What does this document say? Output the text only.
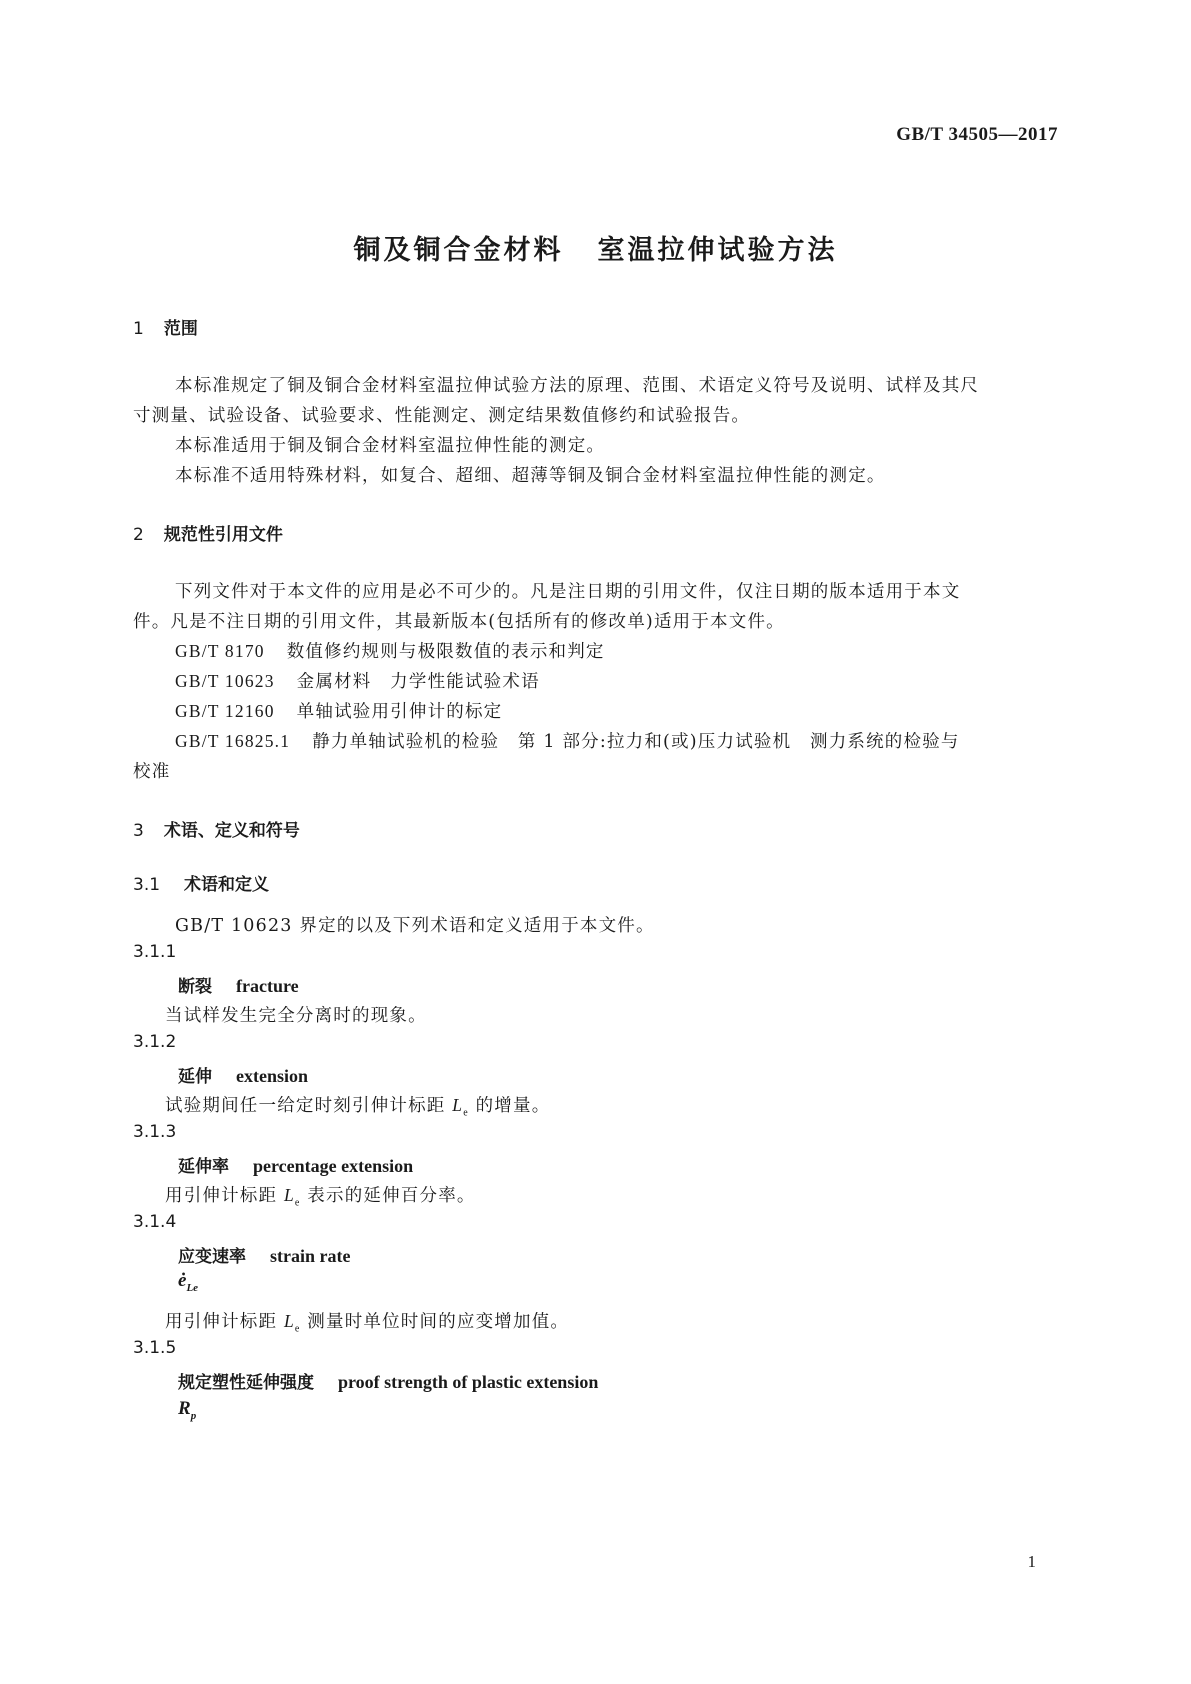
GB/T 34505—2017
铜及铜合金材料 室温拉伸试验方法
1 范围
本标准规定了铜及铜合金材料室温拉伸试验方法的原理、范围、术语定义符号及说明、试样及其尺
寸测量、试验设备、试验要求、性能测定、测定结果数值修约和试验报告。
本标准适用于铜及铜合金材料室温拉伸性能的测定。
本标准不适用特殊材料，如复合、超细、超薄等铜及铜合金材料室温拉伸性能的测定。
2 规范性引用文件
下列文件对于本文件的应用是必不可少的。凡是注日期的引用文件，仅注日期的版本适用于本文
件。凡是不注日期的引用文件，其最新版本(包括所有的修改单)适用于本文件。
GB/T 8170 数值修约规则与极限数值的表示和判定
GB/T 10623 金属材料　力学性能试验术语
GB/T 12160 单轴试验用引伸计的标定
GB/T 16825.1 静力单轴试验机的检验　第 1 部分:拉力和(或)压力试验机　测力系统的检验与
校准
3 术语、定义和符号
3.1 术语和定义
GB/T 10623 界定的以及下列术语和定义适用于本文件。
3.1.1
断裂 fracture
当试样发生完全分离时的现象。
3.1.2
延伸 extension
试验期间任一给定时刻引伸计标距 $L_e$ 的增量。
3.1.3
延伸率 percentage extension
用引伸计标距 $L_e$ 表示的延伸百分率。
3.1.4
应变速率 strain rate
$ė_{Le}$
用引伸计标距 $L_e$ 测量时单位时间的应变增加值。
3.1.5
规定塑性延伸强度 proof strength of plastic extension
$R_p$
1
